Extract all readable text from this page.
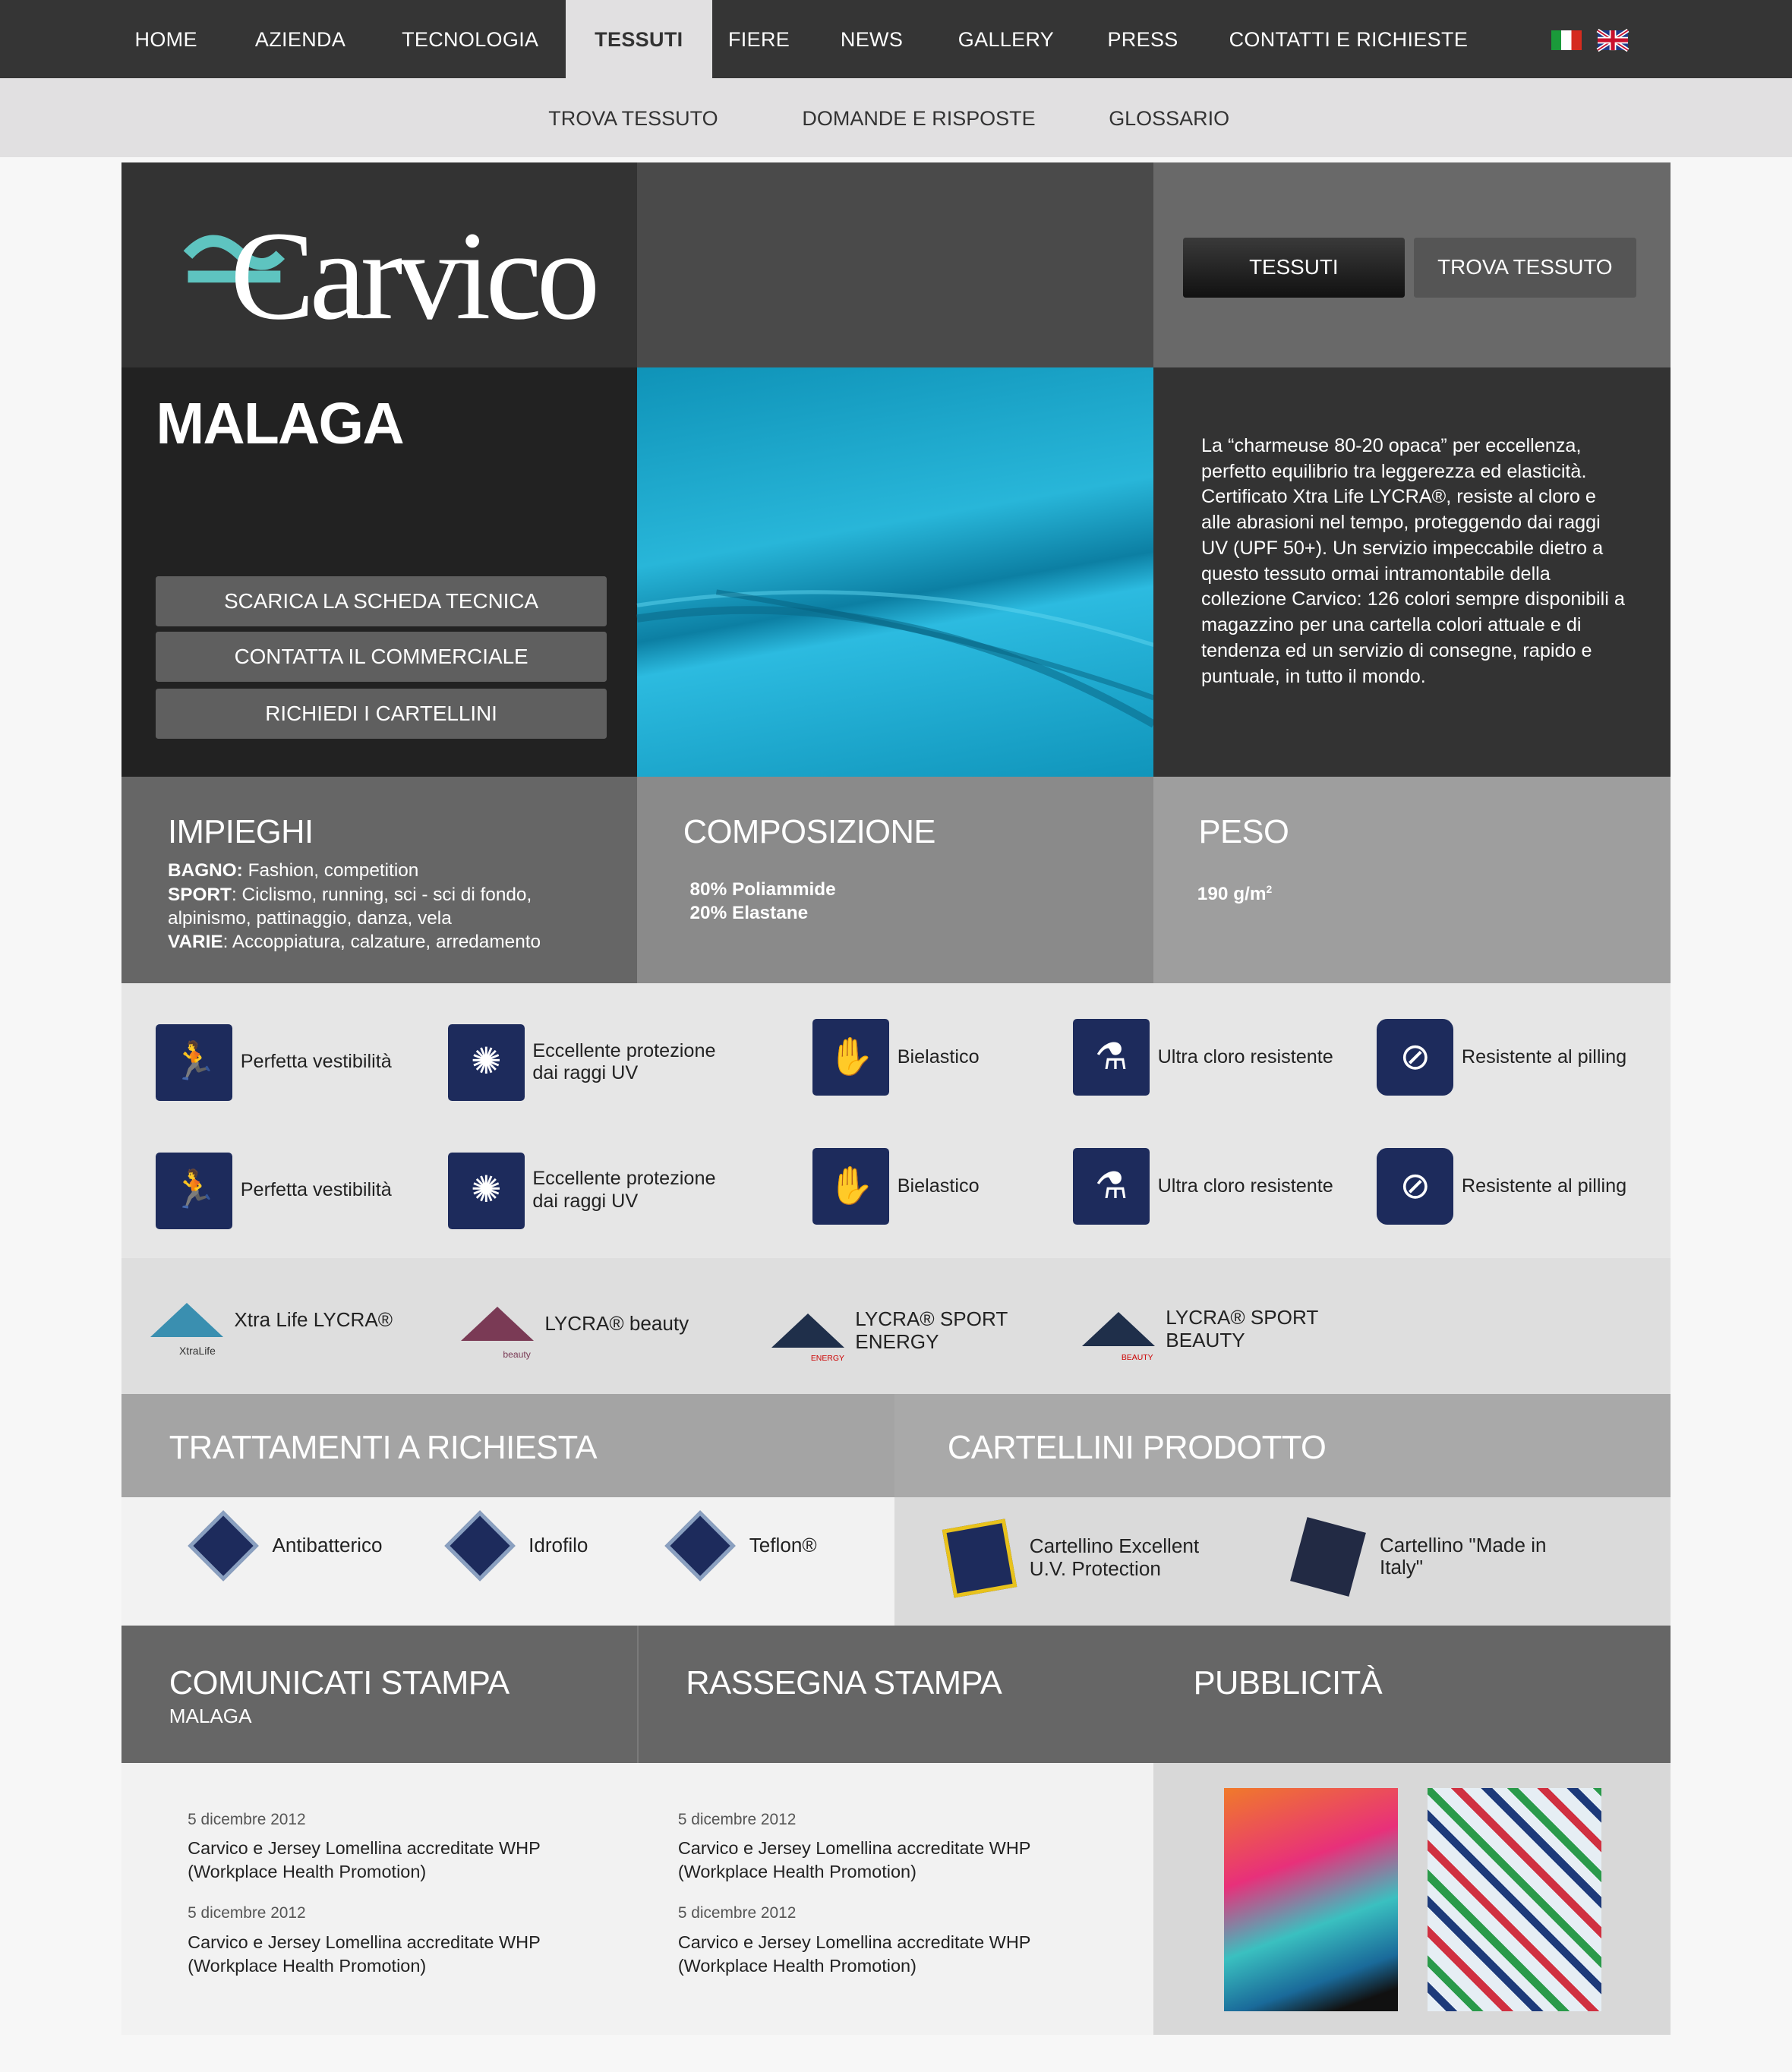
HOME	AZIENDA	TECNOLOGIA	TESSUTI	FIERE	NEWS	GALLERY	PRESS	CONTATTI E RICHIESTE
TROVA TESSUTO	DOMANDE E RISPOSTE	GLOSSARIO
Carvico	TESSUTI	TROVA TESSUTO
MALAGA
SCARICA LA SCHEDA TECNICA
CONTATTA IL COMMERCIALE
RICHIEDI I CARTELLINI
La “charmeuse 80-20 opaca” per eccellenza, perfetto equilibrio tra leggerezza ed elasticità. Certificato Xtra Life LYCRA®, resiste al cloro e alle abrasioni nel tempo, proteggendo dai raggi UV (UPF 50+). Un servizio impeccabile dietro a questo tessuto ormai intramontabile della collezione Carvico: 126 colori sempre disponibili a magazzino per una cartella colori attuale e di tendenza ed un servizio di consegne, rapido e puntuale, in tutto il mondo.
IMPIEGHI
BAGNO: Fashion, competition
SPORT: Ciclismo, running, sci - sci di fondo, alpinismo, pattinaggio, danza, vela
VARIE: Accoppiatura, calzature, arredamento
COMPOSIZIONE
80% Poliammide
20% Elastane
PESO
190 $g/m^2$
🏃	Perfetta vestibilità	✺	Eccellente protezione dai raggi UV	✋	Bielastico	⚗	Ultra cloro resistente	⊘	Resistente al pilling
🏃	Perfetta vestibilità	✺	Eccellente protezione dai raggi UV	✋	Bielastico	⚗	Ultra cloro resistente	⊘	Resistente al pilling
XtraLife
Xtra Life LYCRA®
beauty
LYCRA® beauty
ENERGY
LYCRA® SPORT ENERGY
BEAUTY
LYCRA® SPORT BEAUTY
TRATTAMENTI A RICHIESTA	CARTELLINI PRODOTTO
Antibatterico	Idrofilo	Teflon®	Cartellino Excellent U.V. Protection
Cartellino "Made in Italy"
COMUNICATI STAMPA
MALAGA
RASSEGNA STAMPA	PUBBLICITÀ
5 dicembre 2012
Carvico e Jersey Lomellina accreditate WHP (Workplace Health Promotion)
5 dicembre 2012
Carvico e Jersey Lomellina accreditate WHP (Workplace Health Promotion)
5 dicembre 2012
Carvico e Jersey Lomellina accreditate WHP (Workplace Health Promotion)
5 dicembre 2012
Carvico e Jersey Lomellina accreditate WHP (Workplace Health Promotion)
